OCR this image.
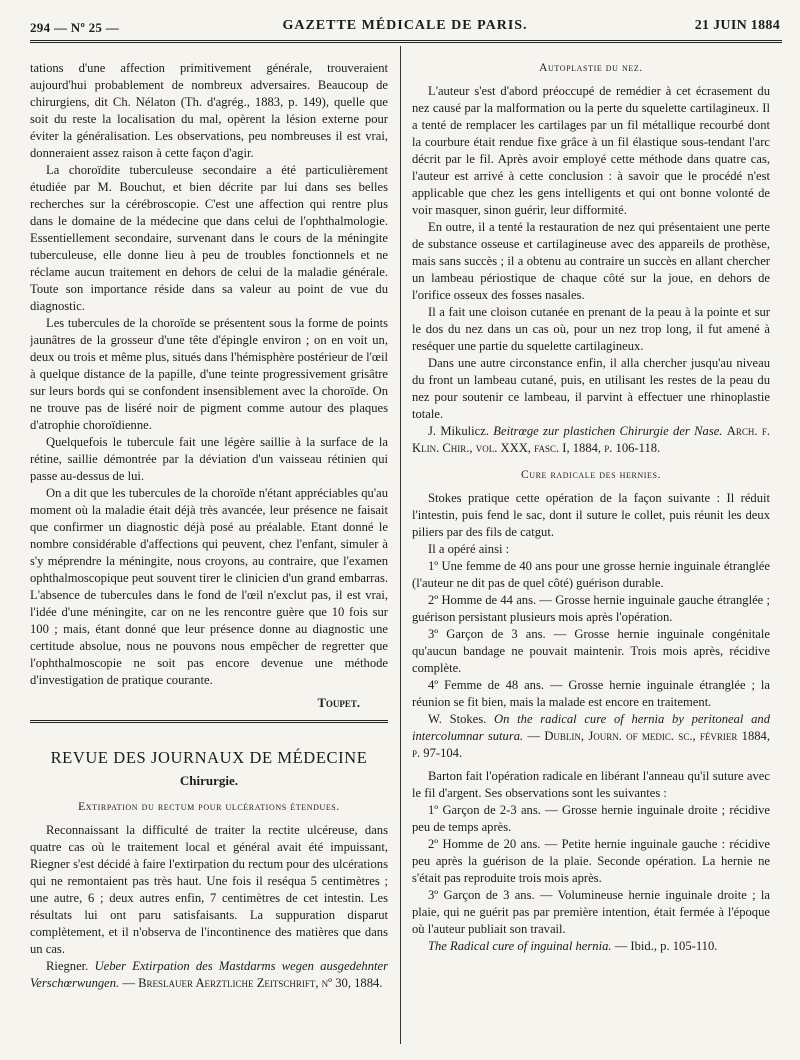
294 — Nº 25 —	GAZETTE MÉDICALE DE PARIS.	21 JUIN 1884

tations d'une affection primitivement générale, trouveraient aujourd'hui probablement de nombreux adversaires. Beaucoup de chirurgiens, dit Ch. Nélaton (Th. d'agrég., 1883, p. 149), quelle que soit du reste la localisation du mal, opèrent la lésion externe pour éviter la généralisation. Les observations, peu nombreuses il est vrai, donneraient assez raison à cette façon d'agir.

La choroïdite tuberculeuse secondaire a été particulièrement étudiée par M. Bouchut, et bien décrite par lui dans ses belles recherches sur la cérébroscopie. C'est une affection qui rentre plus dans le domaine de la médecine que dans celui de l'ophthalmologie. Essentiellement secondaire, survenant dans le cours de la méningite tuberculeuse, elle donne lieu à peu de troubles fonctionnels et ne réclame aucun traitement en dehors de celui de la maladie générale. Toute son importance réside dans sa valeur au point de vue du diagnostic.

Les tubercules de la choroïde se présentent sous la forme de points jaunâtres de la grosseur d'une tête d'épingle environ ; on en voit un, deux ou trois et même plus, situés dans l'hémisphère postérieur de l'œil à quelque distance de la papille, d'une teinte progressivement grisâtre sur leurs bords qui se confondent insensiblement avec la choroïde. On ne trouve pas de liséré noir de pigment comme autour des plaques d'atrophie choroïdienne.

Quelquefois le tubercule fait une légère saillie à la surface de la rétine, saillie démontrée par la déviation d'un vaisseau rétinien qui passe au-dessus de lui.

On a dit que les tubercules de la choroïde n'étant appréciables qu'au moment où la maladie était déjà très avancée, leur présence ne faisait que confirmer un diagnostic déjà posé au préalable. Etant donné le nombre considérable d'affections qui peuvent, chez l'enfant, simuler à s'y méprendre la méningite, nous croyons, au contraire, que l'examen ophthalmoscopique peut souvent tirer le clinicien d'un grand embarras. L'absence de tubercules dans le fond de l'œil n'exclut pas, il est vrai, l'idée d'une méningite, car on ne les rencontre guère que 10 fois sur 100 ; mais, étant donné que leur présence donne au diagnostic une certitude absolue, nous ne pouvons nous empêcher de regretter que l'ophthalmoscopie ne soit pas encore devenue une méthode d'investigation de pratique courante.

Toupet.
REVUE DES JOURNAUX DE MÉDECINE
Chirurgie.
Extirpation du rectum pour ulcérations étendues.

Reconnaissant la difficulté de traiter la rectite ulcéreuse, dans quatre cas où le traitement local et général avait été impuissant, Riegner s'est décidé à faire l'extirpation du rectum pour des ulcérations qui ne remontaient pas très haut. Une fois il reséqua 5 centimètres ; une autre, 6 ; deux autres enfin, 7 centimètres de cet intestin. Les résultats lui ont paru satisfaisants. La suppuration disparut complètement, et il n'observa de l'incontinence des matières que dans un cas.

Riegner. Ueber Extirpation des Mastdarms wegen ausgedehnter Verschœrwungen. — Breslauer Aerztliche Zeitschrift, nº 30, 1884.

Autoplastie du nez.

L'auteur s'est d'abord préoccupé de remédier à cet écrasement du nez causé par la malformation ou la perte du squelette cartilagineux. Il a tenté de remplacer les cartilages par un fil métallique recourbé dont la courbure était rendue fixe grâce à un fil élastique sous-tendant l'arc décrit par le fil. Après avoir employé cette méthode dans quatre cas, l'auteur est arrivé à cette conclusion : à savoir que le procédé n'est applicable que chez les gens intelligents et qui ont bonne volonté de voir masquer, sinon guérir, leur difformité.

En outre, il a tenté la restauration de nez qui présentaient une perte de substance osseuse et cartilagineuse avec des appareils de prothèse, mais sans succès ; il a obtenu au contraire un succès en allant chercher un lambeau périostique de chaque côté sur la joue, en dehors de l'orifice osseux des fosses nasales.

Il a fait une cloison cutanée en prenant de la peau à la pointe et sur le dos du nez dans un cas où, pour un nez trop long, il fut amené à reséquer une partie du squelette cartilagineux.

Dans une autre circonstance enfin, il alla chercher jusqu'au niveau du front un lambeau cutané, puis, en utilisant les restes de la peau du nez pour soutenir ce lambeau, il parvint à effectuer une rhinoplastie totale.

J. Mikulicz. Beitrœge zur plastichen Chirurgie der Nase. Arch. f. Klin. Chir., vol. XXX, fasc. I, 1884, p. 106-118.

Cure radicale des hernies.

Stokes pratique cette opération de la façon suivante : Il réduit l'intestin, puis fend le sac, dont il suture le collet, puis réunit les deux piliers par des fils de catgut.

Il a opéré ainsi :

1º Une femme de 40 ans pour une grosse hernie inguinale étranglée (l'auteur ne dit pas de quel côté) guérison durable.

2º Homme de 44 ans. — Grosse hernie inguinale gauche étranglée ; guérison persistant plusieurs mois après l'opération.

3º Garçon de 3 ans. — Grosse hernie inguinale congénitale qu'aucun bandage ne pouvait maintenir. Trois mois après, récidive complète.

4º Femme de 48 ans. — Grosse hernie inguinale étranglée ; la réunion se fit bien, mais la malade est encore en traitement.

W. Stokes. On the radical cure of hernia by peritoneal and intercolumnar sutura. — Dublin, Journ. of medic. sc., février 1884, p. 97-104.

Barton fait l'opération radicale en libérant l'anneau qu'il suture avec le fil d'argent. Ses observations sont les suivantes :

1º Garçon de 2-3 ans. — Grosse hernie inguinale droite ; récidive peu de temps après.

2º Homme de 20 ans. — Petite hernie inguinale gauche : récidive peu après la guérison de la plaie. Seconde opération. La hernie ne s'était pas reproduite trois mois après.

3º Garçon de 3 ans. — Volumineuse hernie inguinale droite ; la plaie, qui ne guérit pas par première intention, était fermée à l'époque où l'auteur publiait son travail.

The Radical cure of inguinal hernia. — Ibid., p. 105-110.
